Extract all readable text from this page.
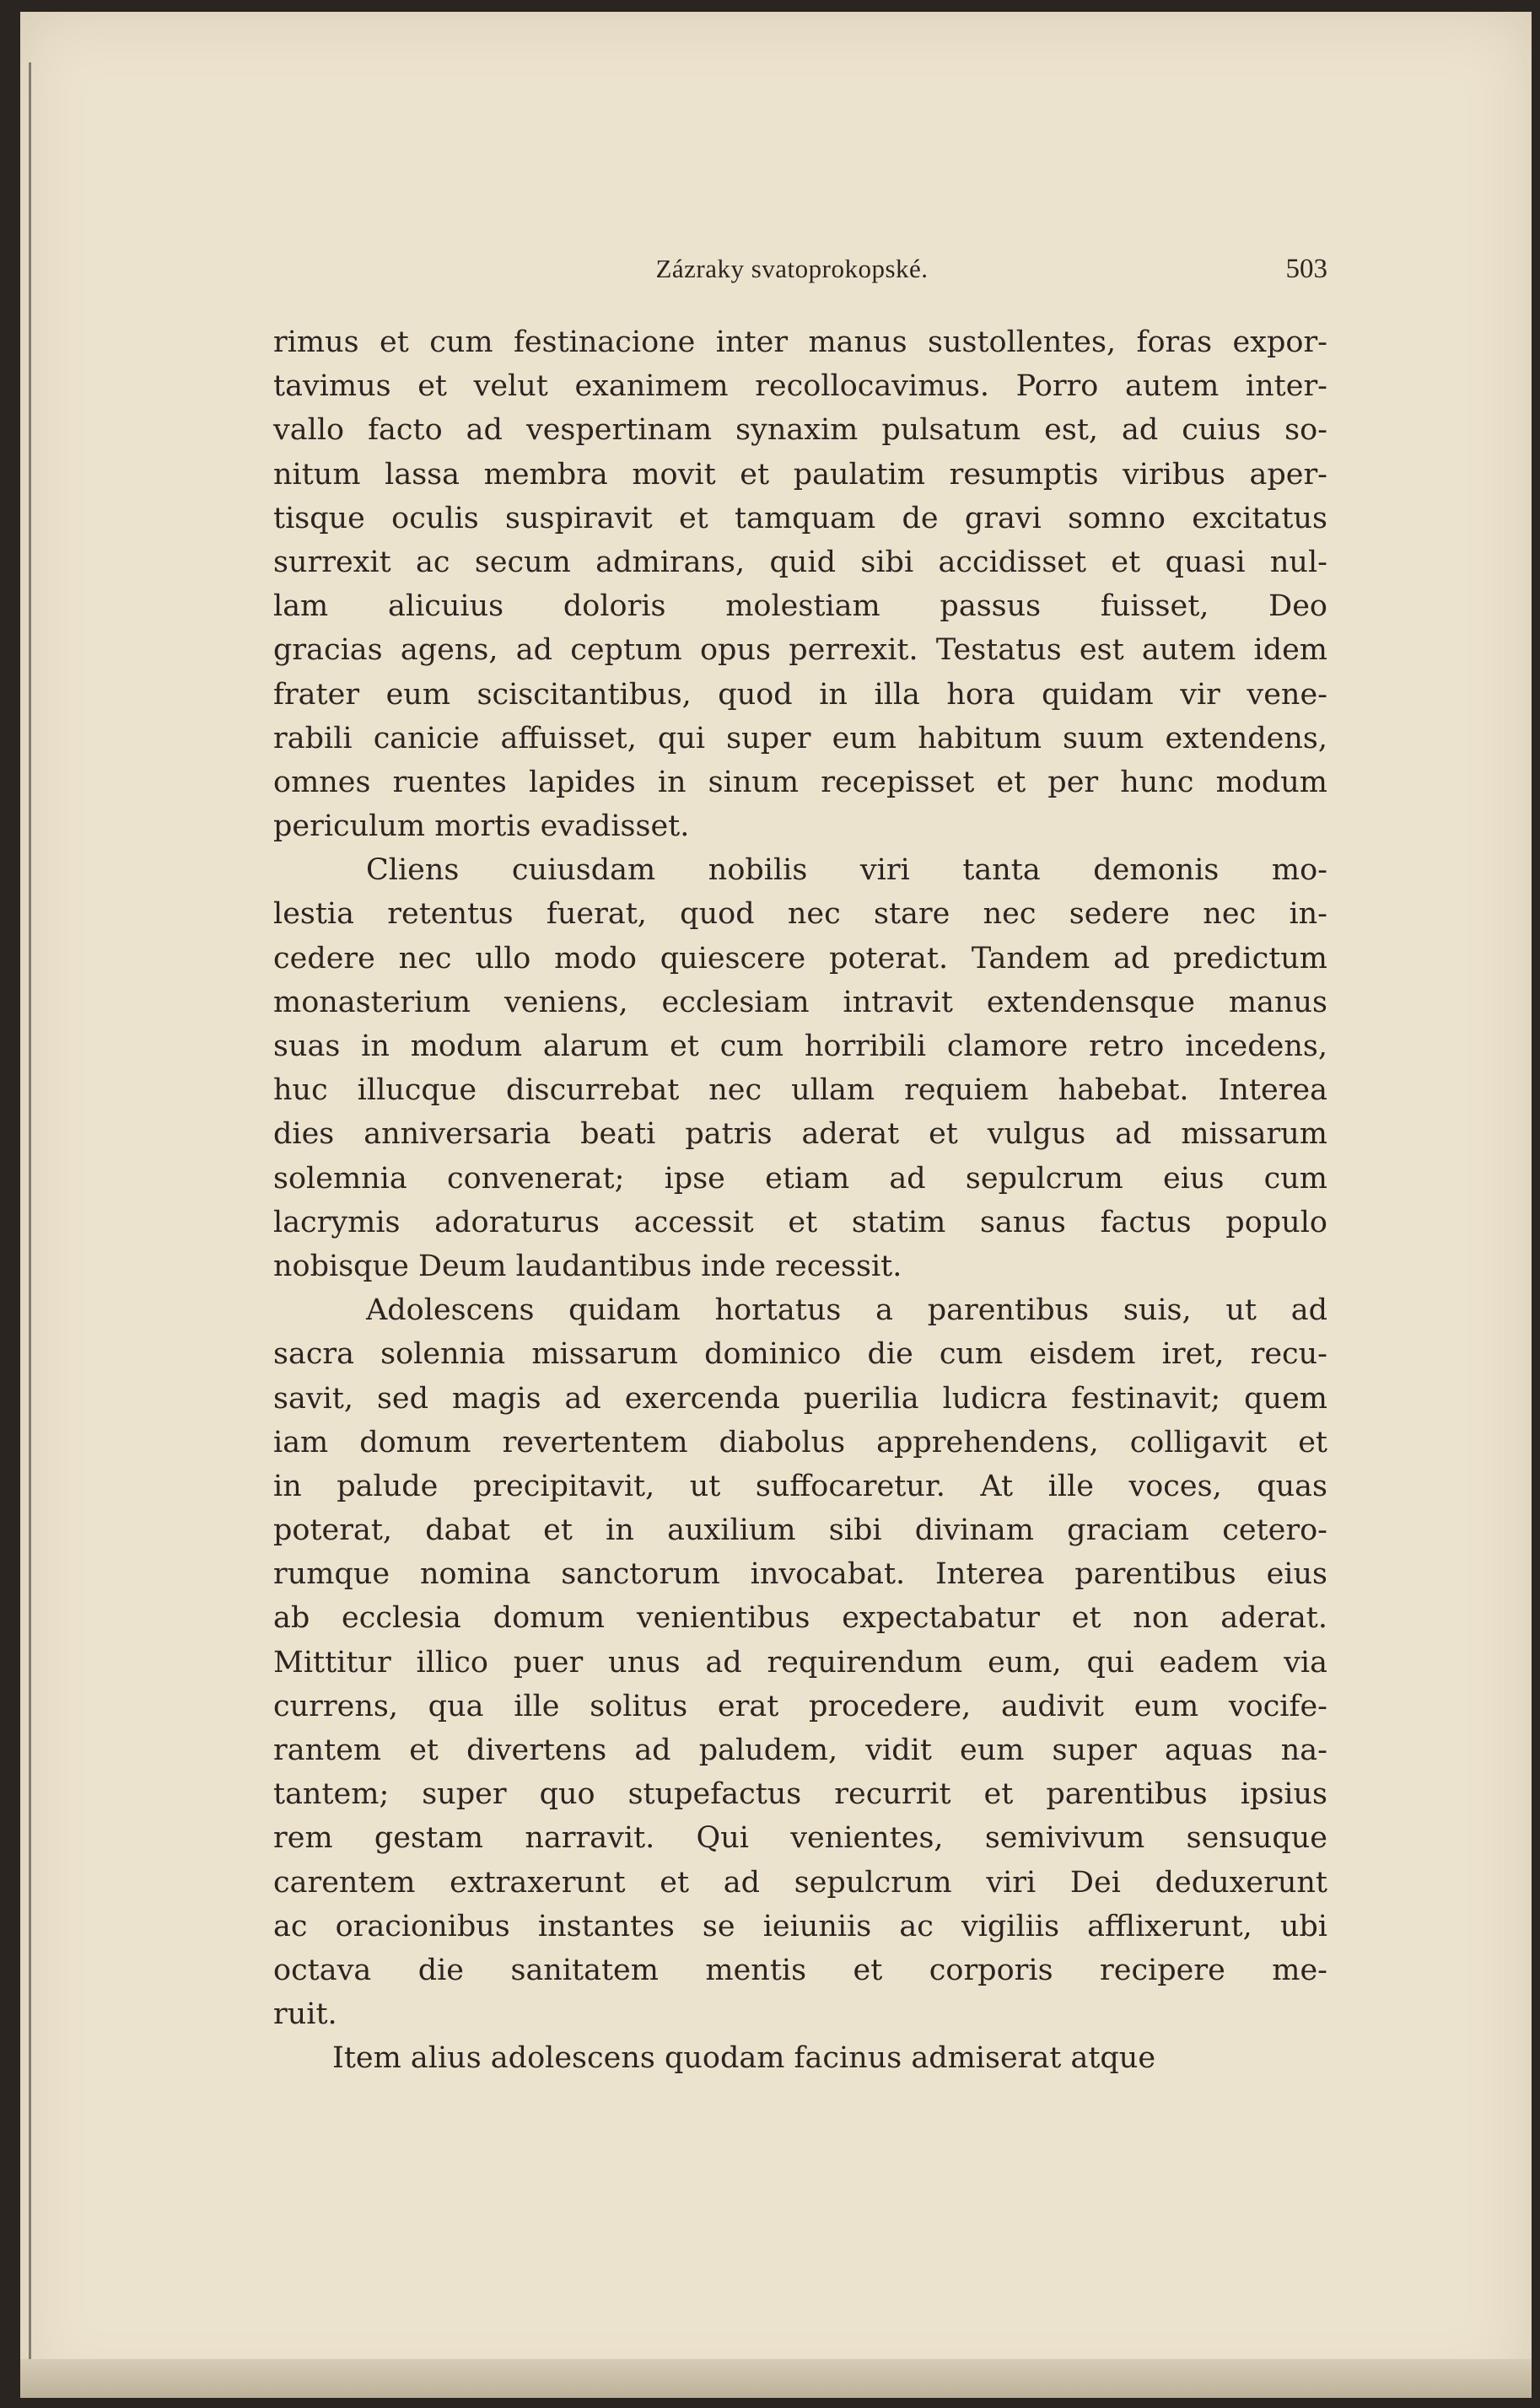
Zázraky svatoprokopské.	503
rimus et cum festinacione inter manus sustollentes, foras expor-
tavimus et velut exanimem recollocavimus. Porro autem inter-
vallo facto ad vespertinam synaxim pulsatum est, ad cuius so-
nitum lassa membra movit et paulatim resumptis viribus aper-
tisque oculis suspiravit et tamquam de gravi somno excitatus
surrexit ac secum admirans, quid sibi accidisset et quasi nul-
lam alicuius doloris molestiam passus fuisset, Deo
gracias agens, ad ceptum opus perrexit. Testatus est autem idem
frater eum sciscitantibus, quod in illa hora quidam vir vene-
rabili canicie affuisset, qui super eum habitum suum extendens,
omnes ruentes lapides in sinum recepisset et per hunc modum
periculum mortis evadisset.
Cliens cuiusdam nobilis viri tanta demonis mo-
lestia retentus fuerat, quod nec stare nec sedere nec in-
cedere nec ullo modo quiescere poterat. Tandem ad predictum
monasterium veniens, ecclesiam intravit extendensque manus
suas in modum alarum et cum horribili clamore retro incedens,
huc illucque discurrebat nec ullam requiem habebat. Interea
dies anniversaria beati patris aderat et vulgus ad missarum
solemnia convenerat; ipse etiam ad sepulcrum eius cum
lacrymis adoraturus accessit et statim sanus factus populo
nobisque Deum laudantibus inde recessit.
Adolescens quidam hortatus a parentibus suis, ut ad
sacra solennia missarum dominico die cum eisdem iret, recu-
savit, sed magis ad exercenda puerilia ludicra festinavit; quem
iam domum revertentem diabolus apprehendens, colligavit et
in palude precipitavit, ut suffocaretur. At ille voces, quas
poterat, dabat et in auxilium sibi divinam graciam cetero-
rumque nomina sanctorum invocabat. Interea parentibus eius
ab ecclesia domum venientibus expectabatur et non aderat.
Mittitur illico puer unus ad requirendum eum, qui eadem via
currens, qua ille solitus erat procedere, audivit eum vocife-
rantem et divertens ad paludem, vidit eum super aquas na-
tantem; super quo stupefactus recurrit et parentibus ipsius
rem gestam narravit. Qui venientes, semivivum sensuque
carentem extraxerunt et ad sepulcrum viri Dei deduxerunt
ac oracionibus instantes se ieiuniis ac vigiliis afflixerunt, ubi
octava die sanitatem mentis et corporis recipere me-
ruit.
Item alius adolescens quodam facinus admiserat atque
